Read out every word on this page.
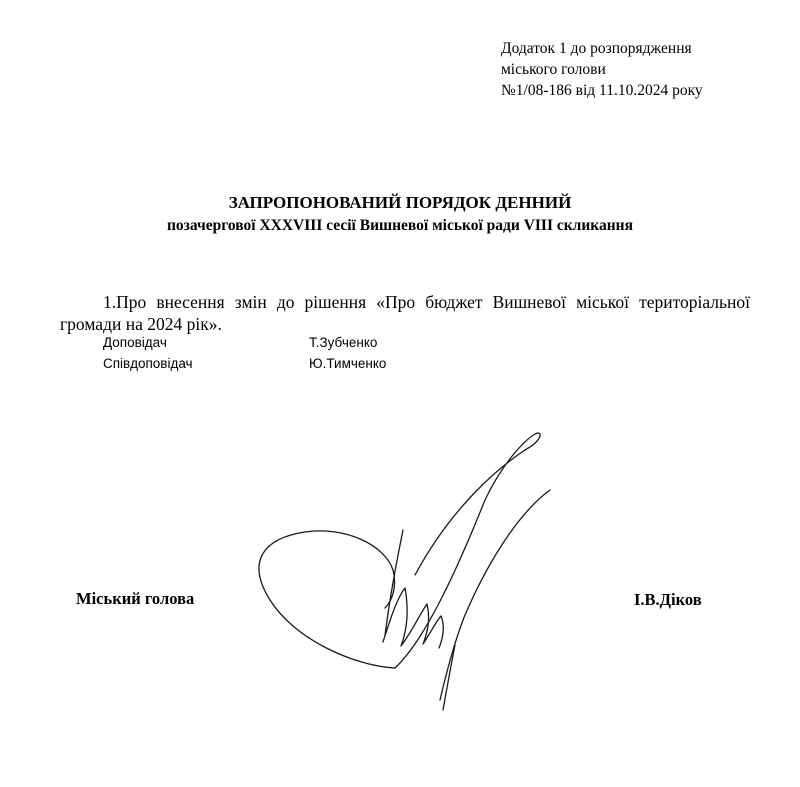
Додаток 1 до розпорядження
міського голови
№1/08-186 від 11.10.2024 року
ЗАПРОПОНОВАНИЙ ПОРЯДОК ДЕННИЙ
позачергової XXXVIII сесії Вишневої міської ради VIII скликання
1.Про внесення змін до рішення «Про бюджет Вишневої міської територіальної громади на 2024 рік».
Доповідач	Т.Зубченко
Співдоповідач	Ю.Тимченко
Міський голова	І.В.Діков
